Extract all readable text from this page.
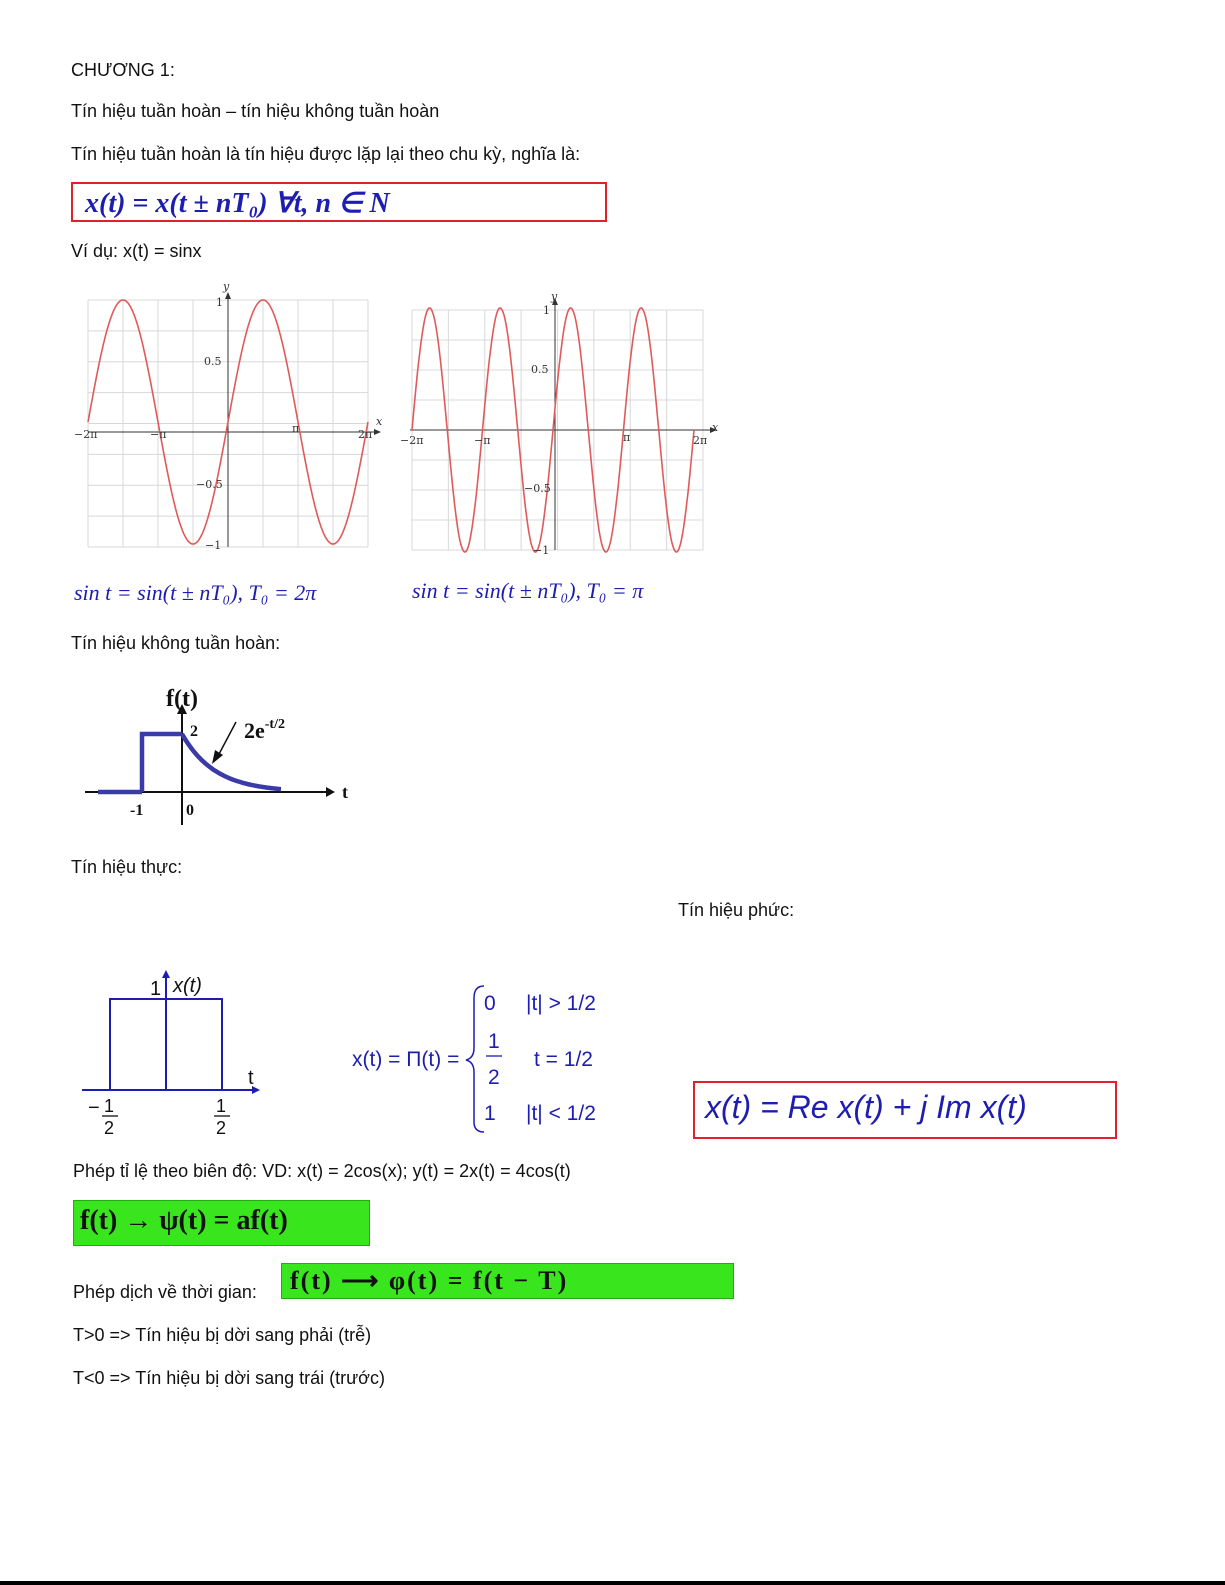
CHƯƠNG 1:
Tín hiệu tuần hoàn – tín hiệu không tuần hoàn
Tín hiệu tuần hoàn là tín hiệu được lặp lại theo chu kỳ, nghĩa là:
x(t) = x(t ± nT₀) ∀t, n ∈ N
Ví dụ: x(t) = sinx
y
x
−2π	−π	π	2π
1
0.5
−0.5
−1
y
x
−2π	−π	π	2π
1
0.5
−0.5
−1
sin t = sin(t ± nT₀), T₀ = 2π	sin t = sin(t ± nT₀), T₀ = π
Tín hiệu không tuần hoàn:
f(t)
2 $2e^{-t/2}$
t
-1	0
Tín hiệu thực:
Tín hiệu phức:
1 x(t)
t
− 1
2
1
2
x(t) = Π(t) =
0 |t| > 1/2
1
2
t = 1/2
1 |t| < 1/2	x(t) = Re x(t) + j Im x(t)
Phép tỉ lệ theo biên độ: VD: x(t) = 2cos(x); y(t) = 2x(t) = 4cos(t)
f(t) → ψ(t) = af(t)
Phép dịch về thời gian: f(t) ⟶ φ(t) = f(t − T)
T>0 => Tín hiệu bị dời sang phải (trễ)
T<0 => Tín hiệu bị dời sang trái (trước)
